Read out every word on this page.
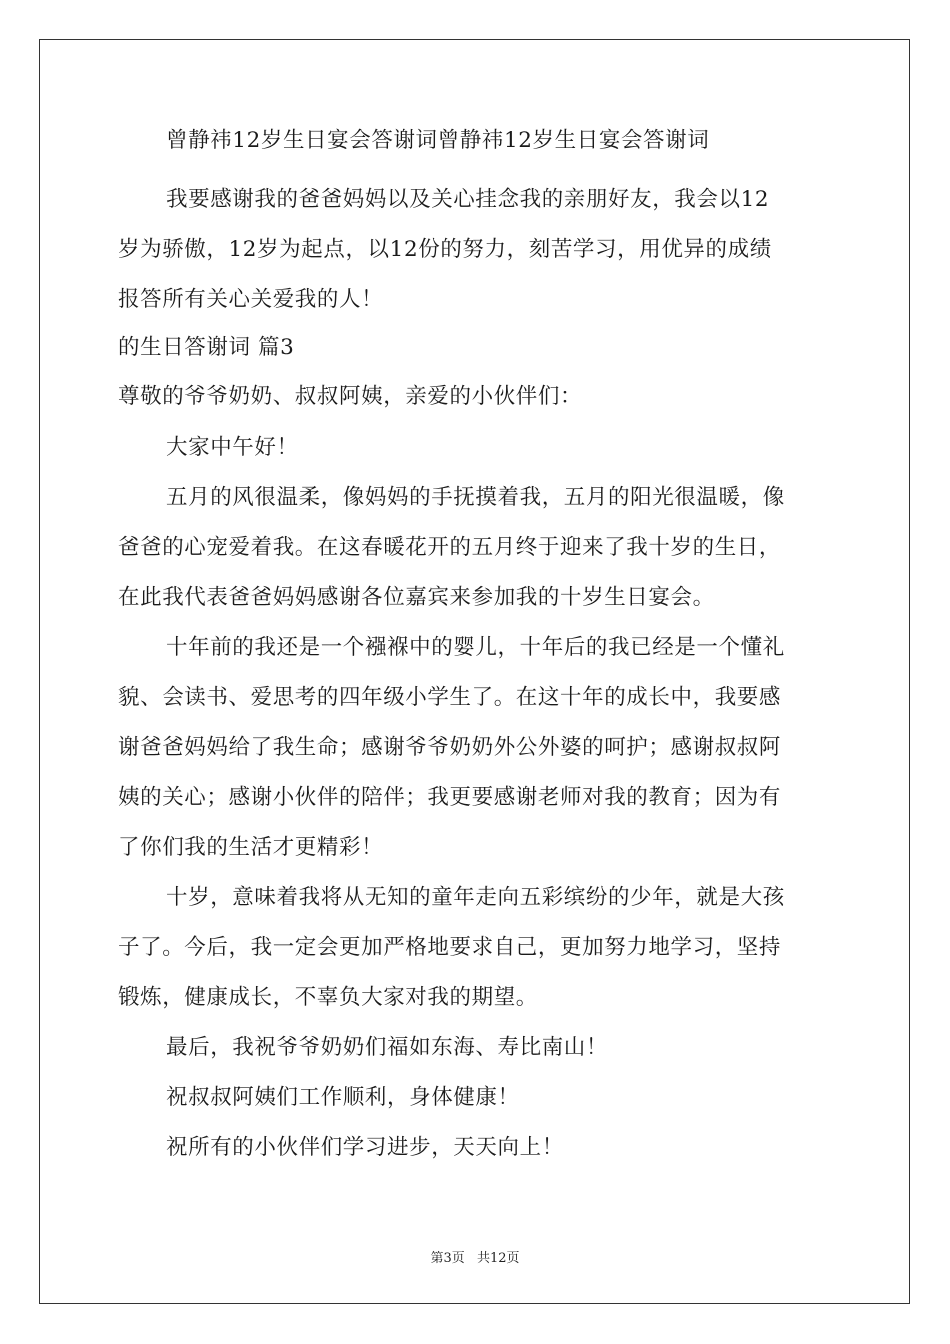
曾静祎12岁生日宴会答谢词曾静祎12岁生日宴会答谢词
我要感谢我的爸爸妈妈以及关心挂念我的亲朋好友，我会以12
岁为骄傲，12岁为起点，以12份的努力，刻苦学习，用优异的成绩
报答所有关心关爱我的人！
的生日答谢词 篇3
尊敬的爷爷奶奶、叔叔阿姨，亲爱的小伙伴们：
大家中午好！
五月的风很温柔，像妈妈的手抚摸着我，五月的阳光很温暖，像
爸爸的心宠爱着我。在这春暖花开的五月终于迎来了我十岁的生日，
在此我代表爸爸妈妈感谢各位嘉宾来参加我的十岁生日宴会。
十年前的我还是一个襁褓中的婴儿，十年后的我已经是一个懂礼
貌、会读书、爱思考的四年级小学生了。在这十年的成长中，我要感
谢爸爸妈妈给了我生命；感谢爷爷奶奶外公外婆的呵护；感谢叔叔阿
姨的关心；感谢小伙伴的陪伴；我更要感谢老师对我的教育；因为有
了你们我的生活才更精彩！
十岁，意味着我将从无知的童年走向五彩缤纷的少年，就是大孩
子了。今后，我一定会更加严格地要求自己，更加努力地学习，坚持
锻炼，健康成长，不辜负大家对我的期望。
最后，我祝爷爷奶奶们福如东海、寿比南山！
祝叔叔阿姨们工作顺利，身体健康！
祝所有的小伙伴们学习进步，天天向上！
第3页 共12页
